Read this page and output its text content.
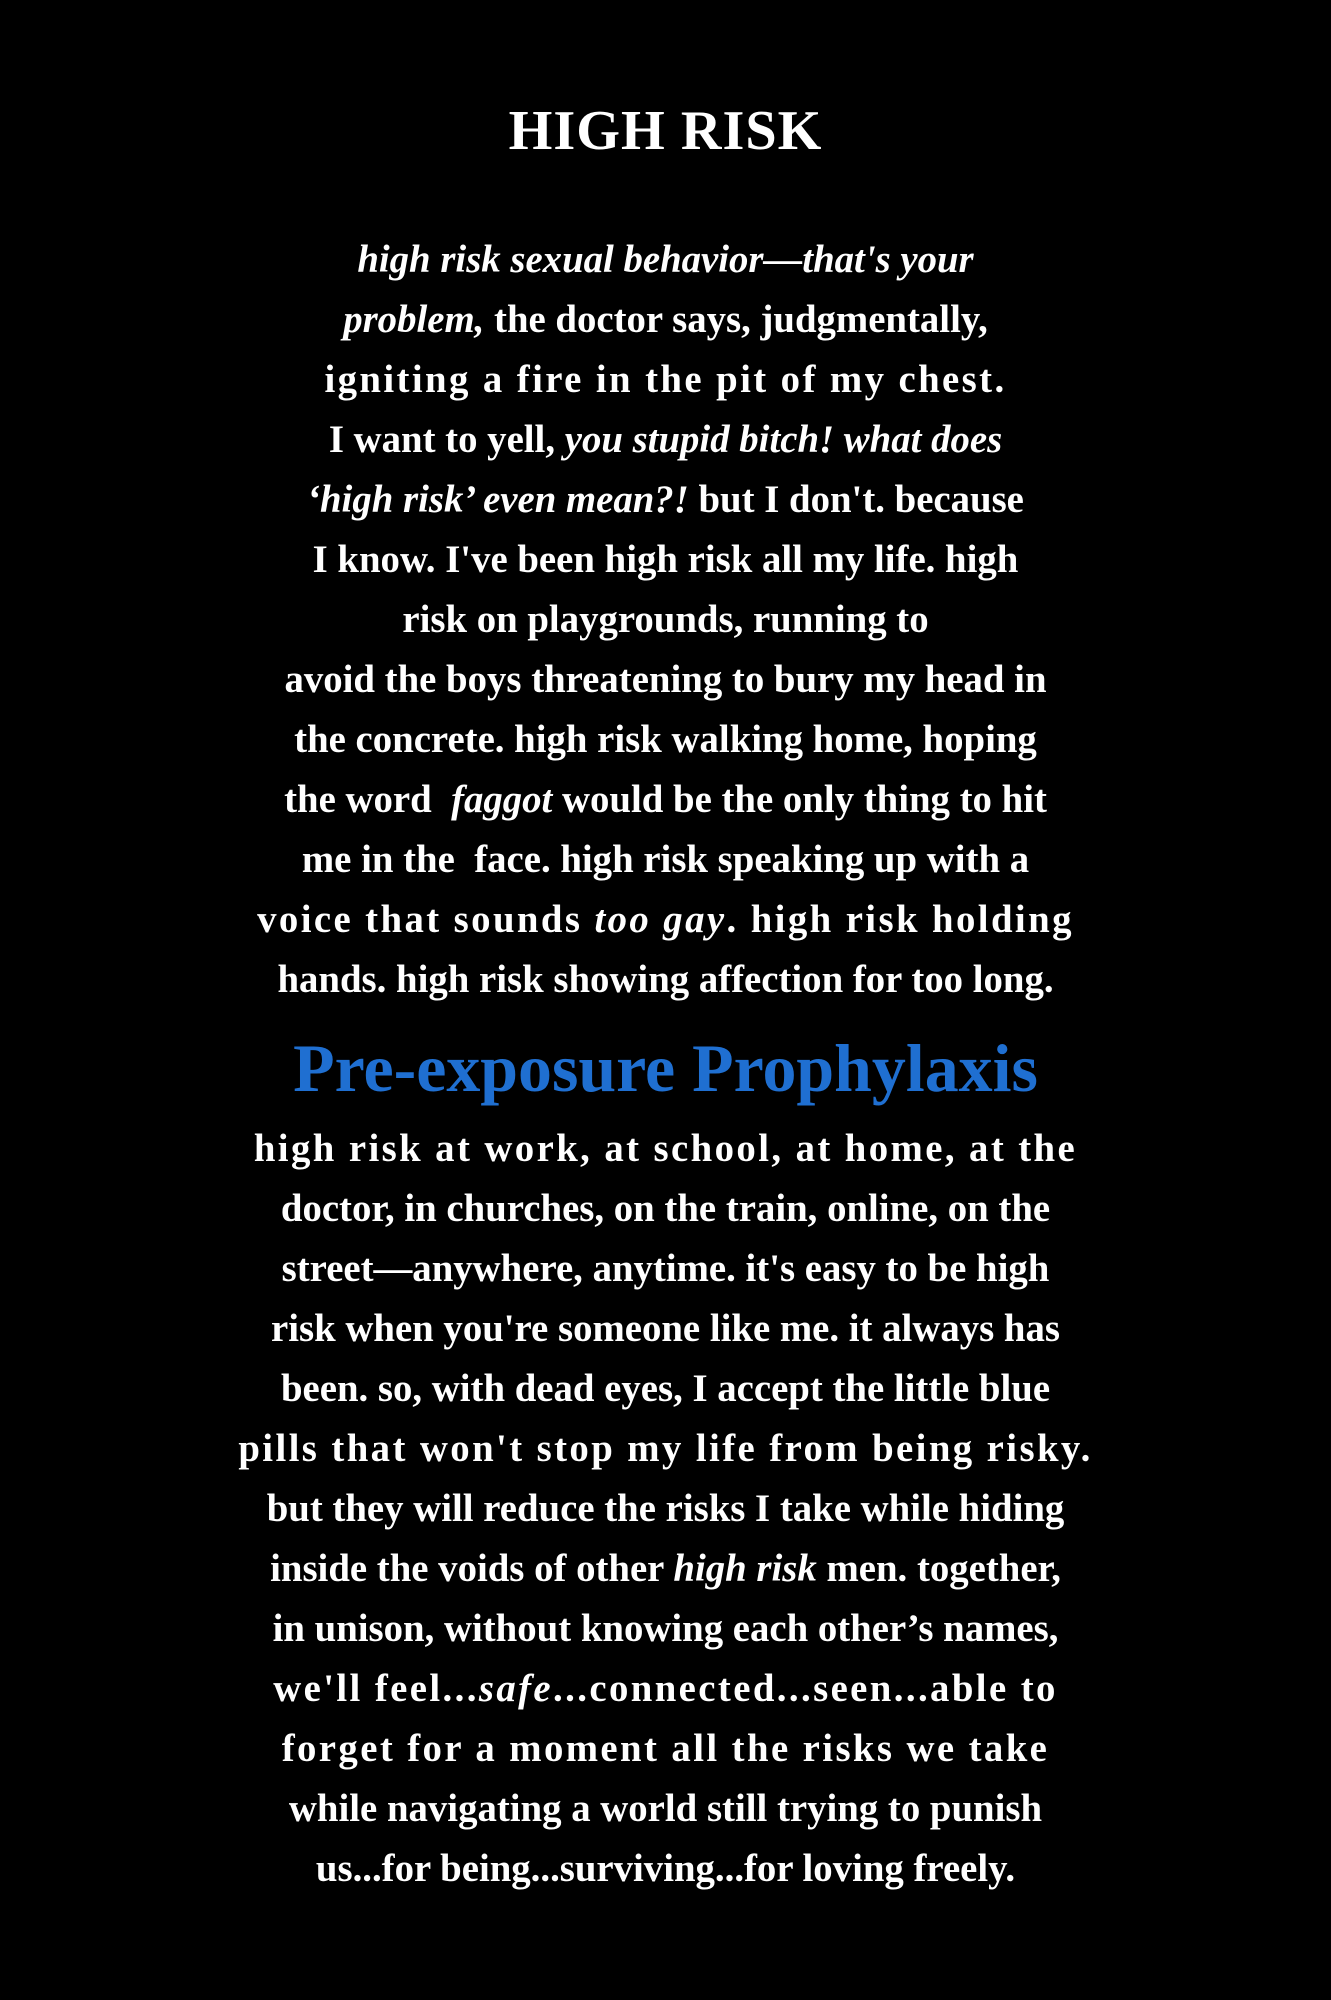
HIGH RISK
high risk sexual behavior—that's your
problem, the doctor says, judgmentally,
igniting a fire in the pit of my chest.
I want to yell, you stupid bitch! what does
‘high risk’ even mean?! but I don't. because
I know. I've been high risk all my life. high
risk on playgrounds, running to
avoid the boys threatening to bury my head in
the concrete. high risk walking home, hoping
the word  faggot would be the only thing to hit
me in the  face. high risk speaking up with a
voice that sounds too gay. high risk holding
hands. high risk showing affection for too long.
Pre-exposure Prophylaxis
high risk at work, at school, at home, at the
doctor, in churches, on the train, online, on the
street—anywhere, anytime. it's easy to be high
risk when you're someone like me. it always has
been. so, with dead eyes, I accept the little blue
pills that won't stop my life from being risky.
but they will reduce the risks I take while hiding
inside the voids of other high risk men. together,
in unison, without knowing each other’s names,
we'll feel...safe...connected...seen...able to
forget for a moment all the risks we take
while navigating a world still trying to punish
us...for being...surviving...for loving freely.
